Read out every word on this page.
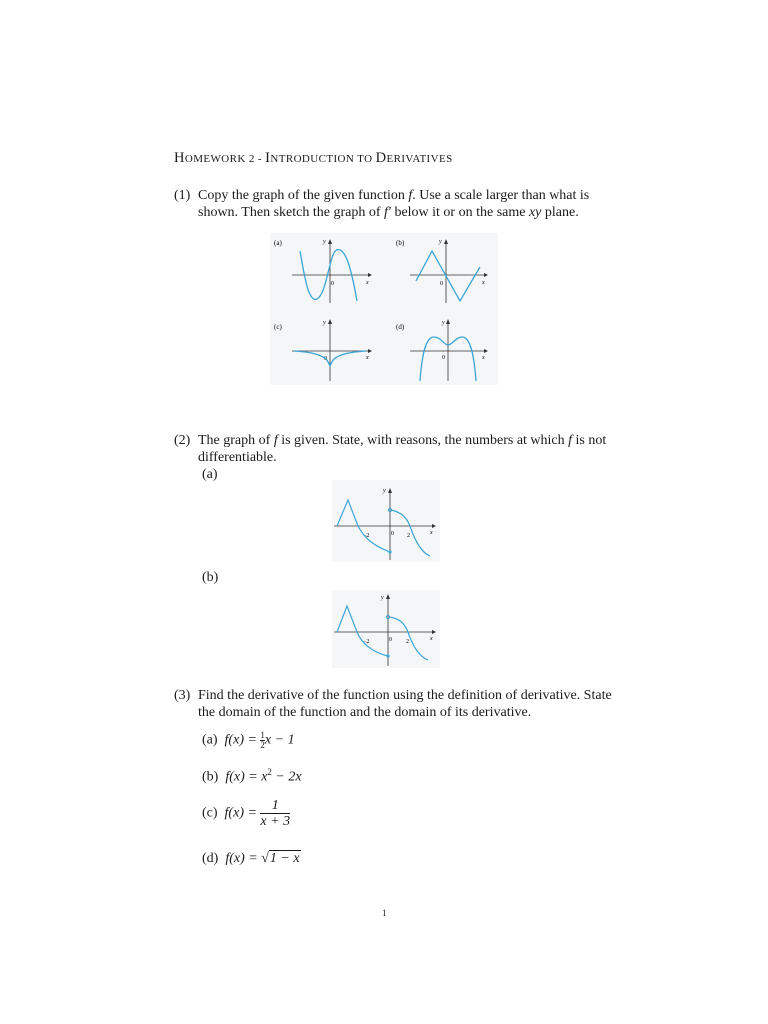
HOMEWORK 2 - INTRODUCTION TO DERIVATIVES
(1) Copy the graph of the given function f. Use a scale larger than what is shown. Then sketch the graph of f′ below it or on the same xy plane.
(a)	y
x
0
(b)	y
x
0
(c)	y
x
0
(d)	y
x
0
(2) The graph of f is given. State, with reasons, the numbers at which f is not differentiable.
(a)
y
x
0
−2	2
(b)
y
x
0
−2	2
(3) Find the derivative of the function using the definition of derivative. State the domain of the function and the domain of its derivative.
(a) $f(x) = \frac{1}{2}x - 1$
(b) $f(x) = x^2 - 2x$
(c) $f(x) = \frac{1}{x + 3}$
(d) f(x) = √1 − x
1
